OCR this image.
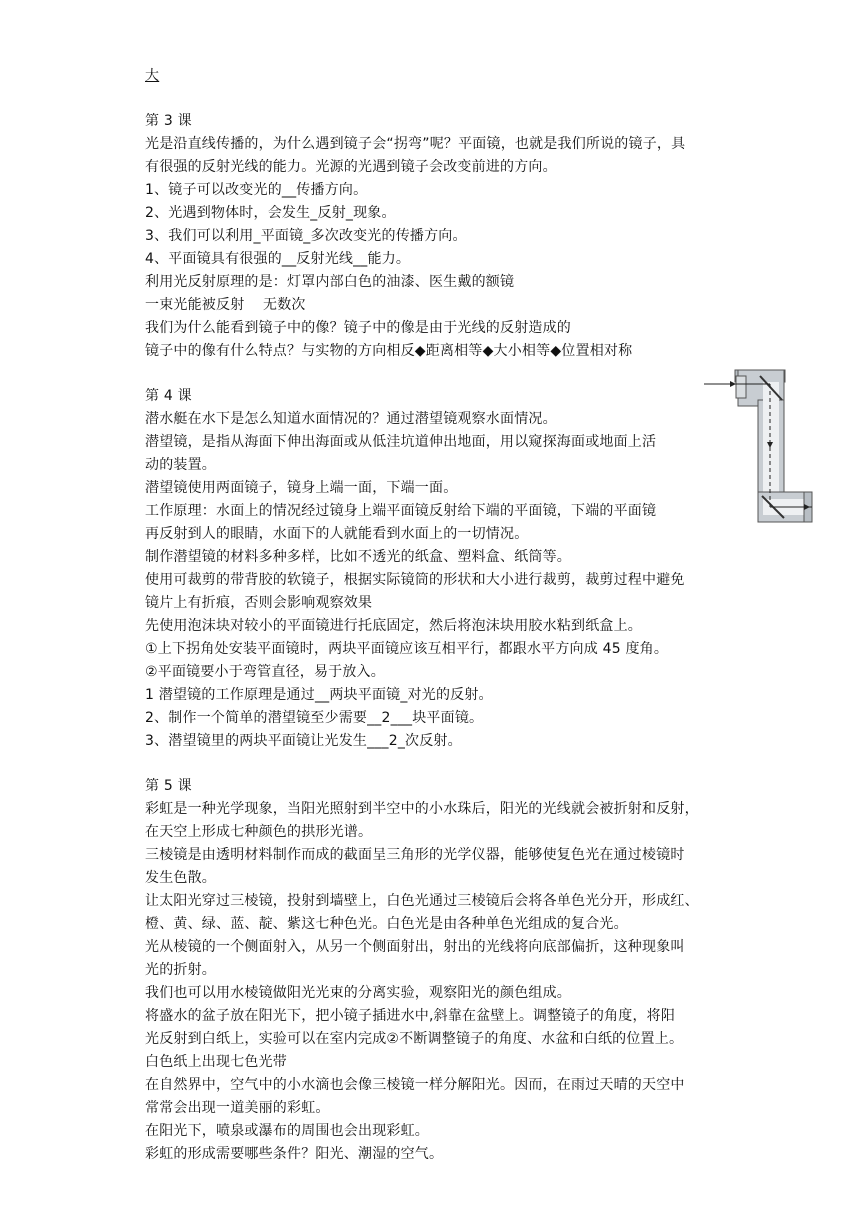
大
第 3 课
光是沿直线传播的，为什么遇到镜子会“拐弯”呢？平面镜，也就是我们所说的镜子，具
有很强的反射光线的能力。光源的光遇到镜子会改变前进的方向。
1、镜子可以改变光的__传播方向。
2、光遇到物体时，会发生_反射_现象。
3、我们可以利用_平面镜_多次改变光的传播方向。
4、平面镜具有很强的__反射光线__能力。
利用光反射原理的是：灯罩内部白色的油漆、医生戴的额镜
一束光能被反射    无数次
我们为什么能看到镜子中的像？镜子中的像是由于光线的反射造成的
镜子中的像有什么特点？与实物的方向相反◆距离相等◆大小相等◆位置相对称
第 4 课
潜水艇在水下是怎么知道水面情况的？通过潜望镜观察水面情况。
潜望镜，是指从海面下伸出海面或从低洼坑道伸出地面，用以窥探海面或地面上活
动的装置。
潜望镜使用两面镜子，镜身上端一面，下端一面。
工作原理：水面上的情况经过镜身上端平面镜反射给下端的平面镜，下端的平面镜
再反射到人的眼睛，水面下的人就能看到水面上的一切情况。
制作潜望镜的材料多种多样，比如不透光的纸盒、塑料盒、纸筒等。
使用可裁剪的带背胶的软镜子，根据实际镜筒的形状和大小进行裁剪，裁剪过程中避免
镜片上有折痕，否则会影响观察效果
先使用泡沫块对较小的平面镜进行托底固定，然后将泡沫块用胶水粘到纸盒上。
①上下拐角处安装平面镜时，两块平面镜应该互相平行，都跟水平方向成 45 度角。
②平面镜要小于弯管直径，易于放入。
1 潜望镜的工作原理是通过__两块平面镜_对光的反射。
2、制作一个简单的潜望镜至少需要__2___块平面镜。
3、潜望镜里的两块平面镜让光发生___2_次反射。
第 5 课
彩虹是一种光学现象，当阳光照射到半空中的小水珠后，阳光的光线就会被折射和反射，
在天空上形成七种颜色的拱形光谱。
三棱镜是由透明材料制作而成的截面呈三角形的光学仪器，能够使复色光在通过棱镜时
发生色散。
让太阳光穿过三棱镜，投射到墙壁上，白色光通过三棱镜后会将各单色光分开，形成红、
橙、黄、绿、蓝、靛、紫这七种色光。白色光是由各种单色光组成的复合光。
光从棱镜的一个侧面射入，从另一个侧面射出，射出的光线将向底部偏折，这种现象叫
光的折射。
我们也可以用水棱镜做阳光光束的分离实验，观察阳光的颜色组成。
将盛水的盆子放在阳光下，把小镜子插进水中,斜靠在盆壁上。调整镜子的角度，将阳
光反射到白纸上，实验可以在室内完成②不断调整镜子的角度、水盆和白纸的位置上。
白色纸上出现七色光带
在自然界中，空气中的小水滴也会像三棱镜一样分解阳光。因而，在雨过天晴的天空中
常常会出现一道美丽的彩虹。
在阳光下，喷泉或瀑布的周围也会出现彩虹。
彩虹的形成需要哪些条件？阳光、潮湿的空气。
